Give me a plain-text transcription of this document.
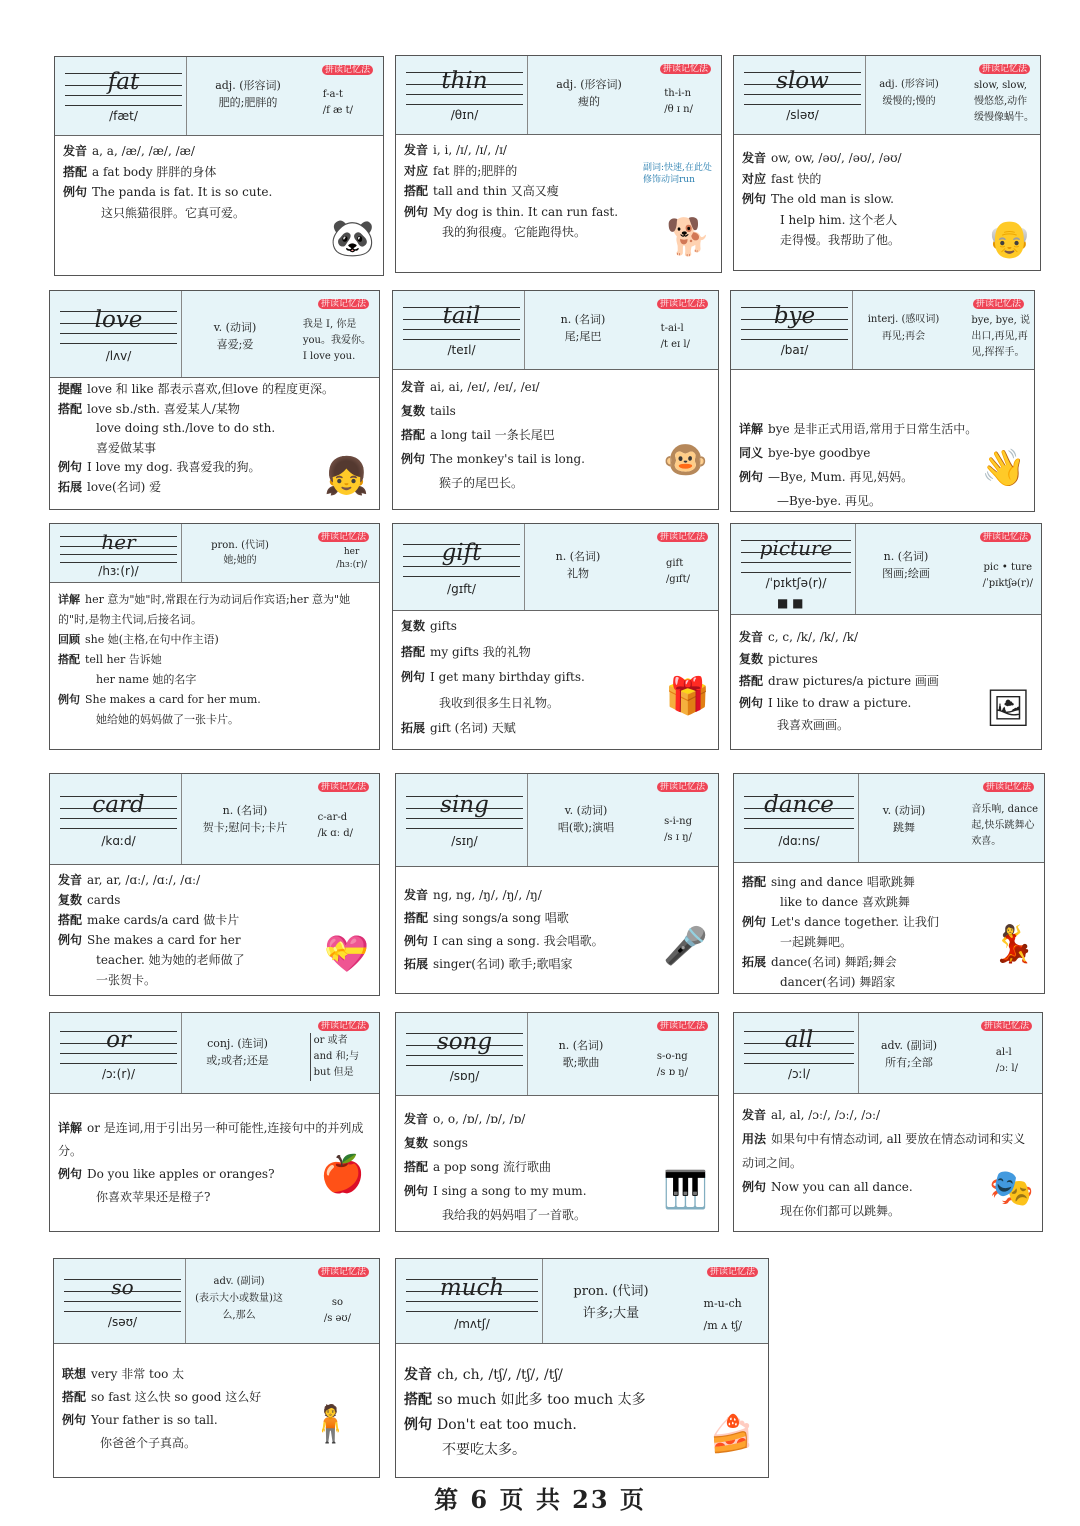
fat
/fæt/
adj. (形容词)
肥的;肥胖的
拼读记忆法
f-a-t
/f æ t/
发音 a, a, /æ/, /æ/, /æ/
搭配 a fat body 胖胖的身体
例句 The panda is fat. It is so cute.
这只熊猫很胖。它真可爱。
🐼
thin
/θɪn/
adj. (形容词)
瘦的
拼读记忆法
th-i-n
/θ ɪ n/
发音 i, i, /ɪ/, /ɪ/, /ɪ/
对应 fat 胖的;肥胖的
搭配 tall and thin 又高又瘦
例句 My dog is thin. It can run fast.
我的狗很瘦。它能跑得快。
副词:快速,在此处修饰动词run
🐕
slow
/sləʊ/
adj. (形容词)
缓慢的;慢的
拼读记忆法
slow, slow,
慢悠悠,动作
缓慢像蜗牛。
发音 ow, ow, /əʊ/, /əʊ/, /əʊ/
对应 fast 快的
例句 The old man is slow.
I help him. 这个老人
走得慢。我帮助了他。	👴
love
/lʌv/
v. (动词)
喜爱;爱
拼读记忆法
我是 I, 你是
you。我爱你。
I love you.
提醒 love 和 like 都表示喜欢,但love 的程度更深。
搭配 love sb./sth. 喜爱某人/某物
love doing sth./love to do sth.
喜爱做某事
例句 I love my dog. 我喜爱我的狗。
拓展 love(名词) 爱	👧
tail
/teɪl/
n. (名词)
尾;尾巴
拼读记忆法
t-ai-l
/t eɪ l/
发音 ai, ai, /eɪ/, /eɪ/, /eɪ/
复数 tails
搭配 a long tail 一条长尾巴
例句 The monkey's tail is long.
猴子的尾巴长。
🐵
bye
/baɪ/
interj. (感叹词)
再见;再会
拼读记忆法
bye, bye, 说
出口,再见,再
见,挥挥手。
详解 bye 是非正式用语,常用于日常生活中。
同义 bye-bye goodbye
例句 —Bye, Mum. 再见,妈妈。
—Bye-bye. 再见。
👋
her
/hɜː(r)/
pron. (代词)
她;她的
拼读记忆法
her
/hɜː(r)/
详解 her 意为"她"时,常跟在行为动词后作宾语;her 意为"她的"时,是物主代词,后接名词。
回顾 she 她(主格,在句中作主语)
搭配 tell her 告诉她
her name 她的名字
例句 She makes a card for her mum.
她给她的妈妈做了一张卡片。
gift
/gɪft/
n. (名词)
礼物
拼读记忆法
gift
/gɪft/
复数 gifts
搭配 my gifts 我的礼物
例句 I get many birthday gifts.
我收到很多生日礼物。
拓展 gift (名词) 天赋
🎁
picture
/ˈpɪktʃə(r)/
■ ■
n. (名词)
图画;绘画
拼读记忆法
pic • ture
/ˈpɪktʃə(r)/
发音 c, c, /k/, /k/, /k/
复数 pictures
搭配 draw pictures/a picture 画画
例句 I like to draw a picture.
我喜欢画画。	🖼
card
/kɑːd/
n. (名词)
贺卡;慰问卡;卡片
拼读记忆法
c-ar-d
/k ɑː d/
发音 ar, ar, /ɑː/, /ɑː/, /ɑː/
复数 cards
搭配 make cards/a card 做卡片
例句 She makes a card for her
teacher. 她为她的老师做了
一张贺卡。
💝
sing
/sɪŋ/
v. (动词)
唱(歌);演唱
拼读记忆法
s-i-ng
/s ɪ ŋ/
发音 ng, ng, /ŋ/, /ŋ/, /ŋ/
搭配 sing songs/a song 唱歌
例句 I can sing a song. 我会唱歌。
拓展 singer(名词) 歌手;歌唱家	🎤
dance
/dɑːns/
v. (动词)
跳舞
拼读记忆法
音乐响, dance
起,快乐跳舞心
欢喜。
搭配 sing and dance 唱歌跳舞
like to dance 喜欢跳舞
例句 Let's dance together. 让我们
一起跳舞吧。
拓展 dance(名词) 舞蹈;舞会
dancer(名词) 舞蹈家
💃
or
/ɔː(r)/
conj. (连词)
或;或者;还是
拼读记忆法
or 或者
and 和;与
but 但是
详解 or 是连词,用于引出另一种可能性,连接句中的并列成分。
例句 Do you like apples or oranges?
你喜欢苹果还是橙子?
🍎
song
/sɒŋ/
n. (名词)
歌;歌曲
拼读记忆法
s-o-ng
/s ɒ ŋ/
发音 o, o, /ɒ/, /ɒ/, /ɒ/
复数 songs
搭配 a pop song 流行歌曲
例句 I sing a song to my mum.
我给我的妈妈唱了一首歌。
🎹
all
/ɔːl/
adv. (副词)
所有;全部
拼读记忆法
al-l
/ɔː l/
发音 al, al, /ɔː/, /ɔː/, /ɔː/
用法 如果句中有情态动词, all 要放在情态动词和实义动词之间。
例句 Now you can all dance.
现在你们都可以跳舞。
🎭
so
/səʊ/
adv. (副词)
(表示大小或数量)这么,那么
拼读记忆法
so
/s əʊ/
联想 very 非常 too 太
搭配 so fast 这么快 so good 这么好
例句 Your father is so tall.
你爸爸个子真高。	🧍
much
/mʌtʃ/
pron. (代词)
许多;大量
拼读记忆法
m-u-ch
/m ʌ tʃ/
发音 ch, ch, /tʃ/, /tʃ/, /tʃ/
搭配 so much 如此多 too much 太多
例句 Don't eat too much.
不要吃太多。	🍰
第 6 页 共 23 页
